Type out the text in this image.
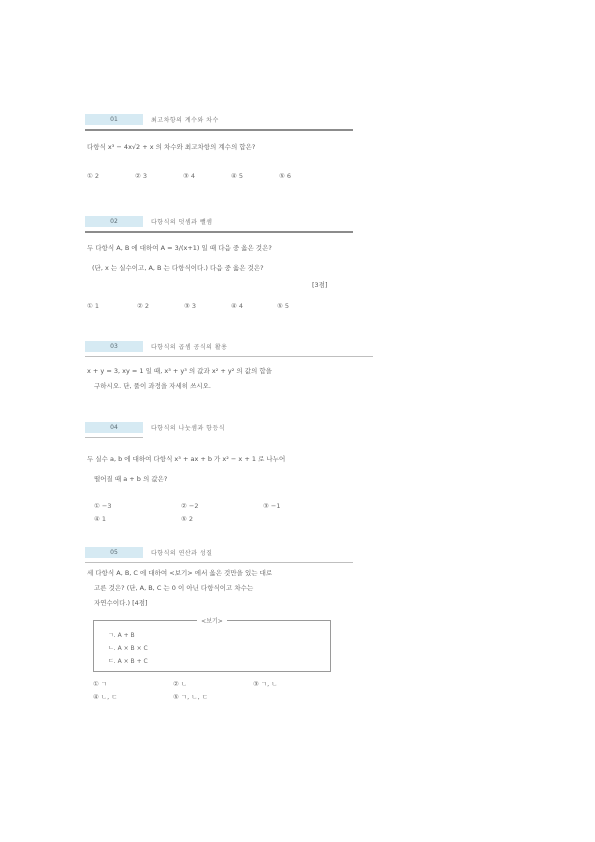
01	최고차항의 계수와 차수
다항식 x³ − 4x√2 + x 의 차수와 최고차항의 계수의 합은?
① 2	② 3	③ 4	④ 5	⑤ 6
02	다항식의 덧셈과 뺄셈
두 다항식 A, B 에 대하여 A = 3/(x+1) 일 때 다음 중 옳은 것은?
(단, x 는 실수이고, A, B 는 다항식이다.) 다음 중 옳은 것은?
[3점]
① 1	② 2	③ 3	④ 4	⑤ 5
03	다항식의 곱셈 공식의 활용
x + y = 3, xy = 1 일 때, x³ + y³ 의 값과 x² + y² 의 값의 합을
구하시오. 단, 풀이 과정을 자세히 쓰시오.
04	다항식의 나눗셈과 항등식
두 실수 a, b 에 대하여 다항식 x³ + ax + b 가 x² − x + 1 로 나누어
떨어질 때 a + b 의 값은?
① −3	② −2	③ −1
④ 1	⑤ 2
05	다항식의 연산과 성질
세 다항식 A, B, C 에 대하여 <보기> 에서 옳은 것만을 있는 대로
고른 것은? (단, A, B, C 는 0 이 아닌 다항식이고 차수는
자연수이다.) [4점]
<보기>
ㄱ. A + B
ㄴ. A × B × C
ㄷ. A × B + C
① ㄱ	② ㄴ	③ ㄱ, ㄴ
④ ㄴ, ㄷ	⑤ ㄱ, ㄴ, ㄷ
